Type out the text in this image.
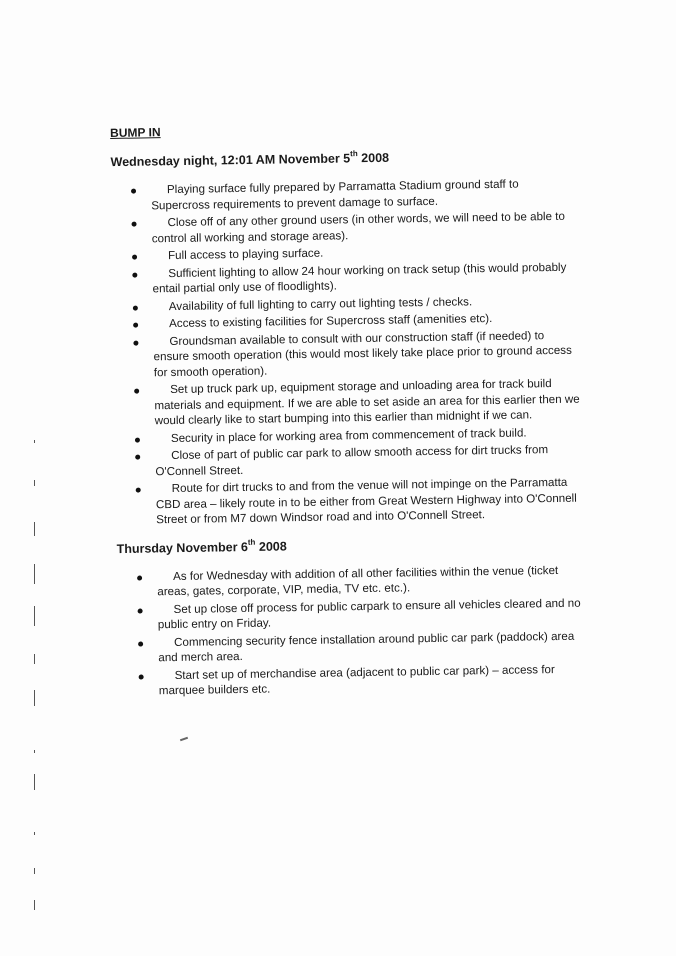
BUMP IN
Wednesday night, 12:01 AM November 5th 2008
Playing surface fully prepared by Parramatta Stadium ground staff to Supercross requirements to prevent damage to surface.
Close off of any other ground users (in other words, we will need to be able to control all working and storage areas).
Full access to playing surface.
Sufficient lighting to allow 24 hour working on track setup (this would probably entail partial only use of floodlights).
Availability of full lighting to carry out lighting tests / checks.
Access to existing facilities for Supercross staff (amenities etc).
Groundsman available to consult with our construction staff (if needed) to ensure smooth operation (this would most likely take place prior to ground access for smooth operation).
Set up truck park up, equipment storage and unloading area for track build materials and equipment. If we are able to set aside an area for this earlier then we would clearly like to start bumping into this earlier than midnight if we can.
Security in place for working area from commencement of track build.
Close of part of public car park to allow smooth access for dirt trucks from O'Connell Street.
Route for dirt trucks to and from the venue will not impinge on the Parramatta CBD area – likely route in to be either from Great Western Highway into O'Connell Street or from M7 down Windsor road and into O'Connell Street.
Thursday November 6th 2008
As for Wednesday with addition of all other facilities within the venue (ticket areas, gates, corporate, VIP, media, TV etc. etc.).
Set up close off process for public carpark to ensure all vehicles cleared and no public entry on Friday.
Commencing security fence installation around public car park (paddock) area and merch area.
Start set up of merchandise area (adjacent to public car park) – access for marquee builders etc.
